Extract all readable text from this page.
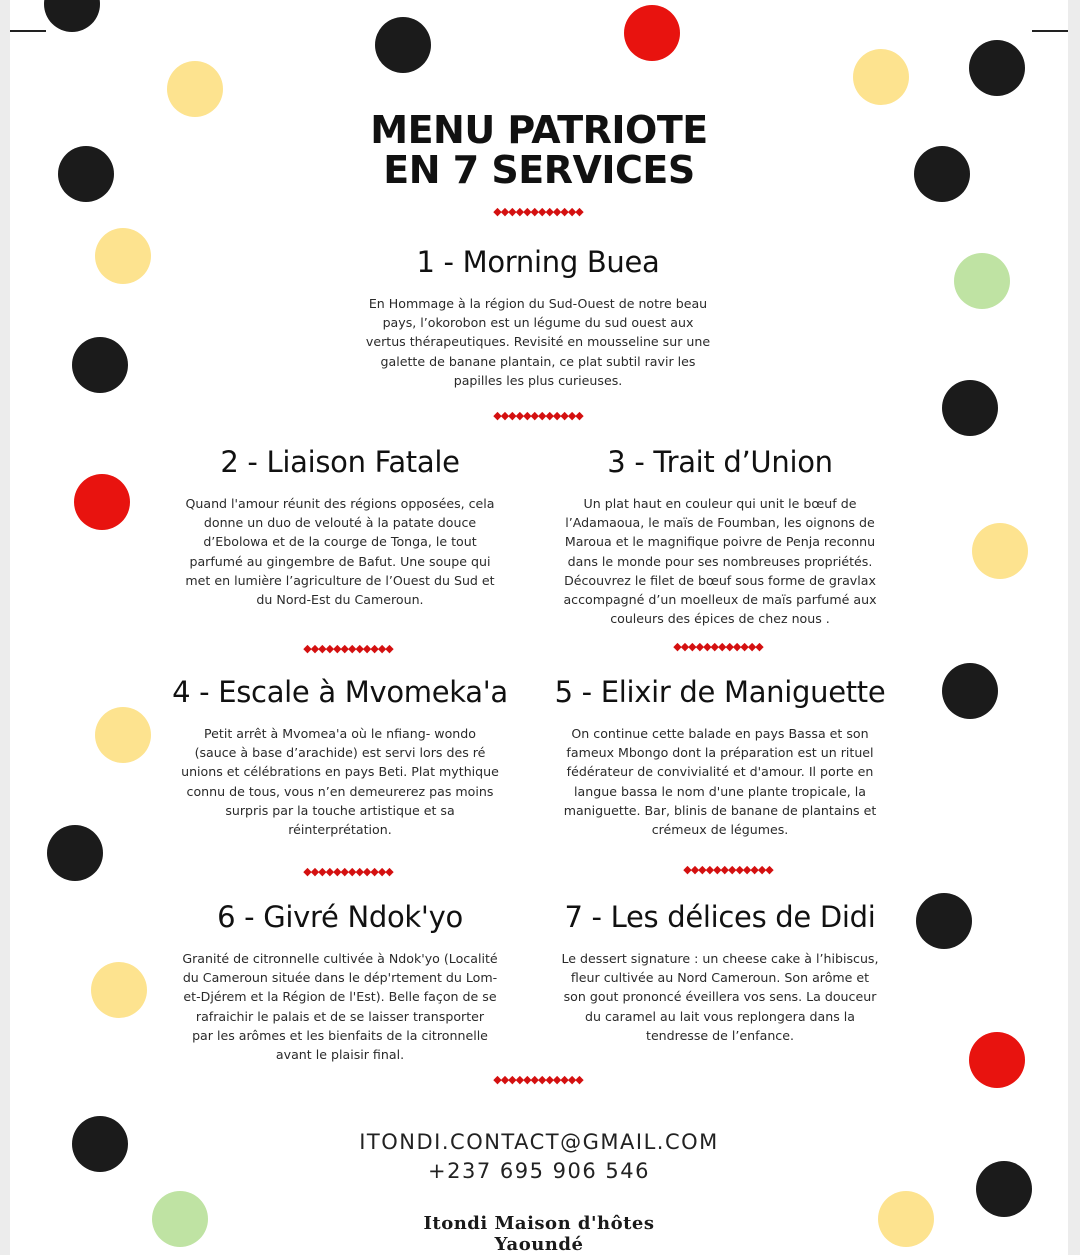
MENU PATRIOTE
EN 7 SERVICES
◆◆◆◆◆◆◆◆◆◆◆◆
1 - Morning Buea

En Hommage à la région du Sud-Ouest de notre beau
pays, l’okorobon est un légume du sud ouest aux
vertus thérapeutiques. Revisité en mousseline sur une
galette de banane plantain, ce plat subtil ravir les
papilles les plus curieuses.

◆◆◆◆◆◆◆◆◆◆◆◆
2 - Liaison Fatale

Quand l'amour réunit des régions opposées, cela
donne un duo de velouté à la patate douce
d’Ebolowa et de la courge de Tonga, le tout
parfumé au gingembre de Bafut. Une soupe qui
met en lumière l’agriculture de l’Ouest du Sud et
du Nord-Est du Cameroun.

3 - Trait d’Union

Un plat haut en couleur qui unit le bœuf de
l’Adamaoua, le maïs de Foumban, les oignons de
Maroua et le magnifique poivre de Penja reconnu
dans le monde pour ses nombreuses propriétés.
Découvrez le filet de bœuf sous forme de gravlax
accompagné d’un moelleux de maïs parfumé aux
couleurs des épices de chez nous .

◆◆◆◆◆◆◆◆◆◆◆◆	◆◆◆◆◆◆◆◆◆◆◆◆
4 - Escale à Mvomeka'a

Petit arrêt à Mvomea'a où le nfiang- wondo
(sauce à base d’arachide) est servi lors des ré
unions et célébrations en pays Beti. Plat mythique
connu de tous, vous n’en demeurerez pas moins
surpris par la touche artistique et sa
réinterprétation.

5 - Elixir de Maniguette

On continue cette balade en pays Bassa et son
fameux Mbongo dont la préparation est un rituel
fédérateur de convivialité et d'amour. Il porte en
langue bassa le nom d'une plante tropicale, la
maniguette. Bar, blinis de banane de plantains et
crémeux de légumes.

◆◆◆◆◆◆◆◆◆◆◆◆	◆◆◆◆◆◆◆◆◆◆◆◆
6 - Givré Ndok'yo

Granité de citronnelle cultivée à Ndok'yo (Localité
du Cameroun située dans le dép'rtement du Lom-
et-Djérem et la Région de l'Est). Belle façon de se
rafraichir le palais et de se laisser transporter
par les arômes et les bienfaits de la citronnelle
avant le plaisir final.

7 - Les délices de Didi

Le dessert signature : un cheese cake à l’hibiscus,
fleur cultivée au Nord Cameroun. Son arôme et
son gout prononcé éveillera vos sens. La douceur
du caramel au lait vous replongera dans la
tendresse de l’enfance.

◆◆◆◆◆◆◆◆◆◆◆◆
ITONDI.CONTACT@GMAIL.COM
+237 695 906 546
Itondi Maison d'hôtes
Yaoundé
